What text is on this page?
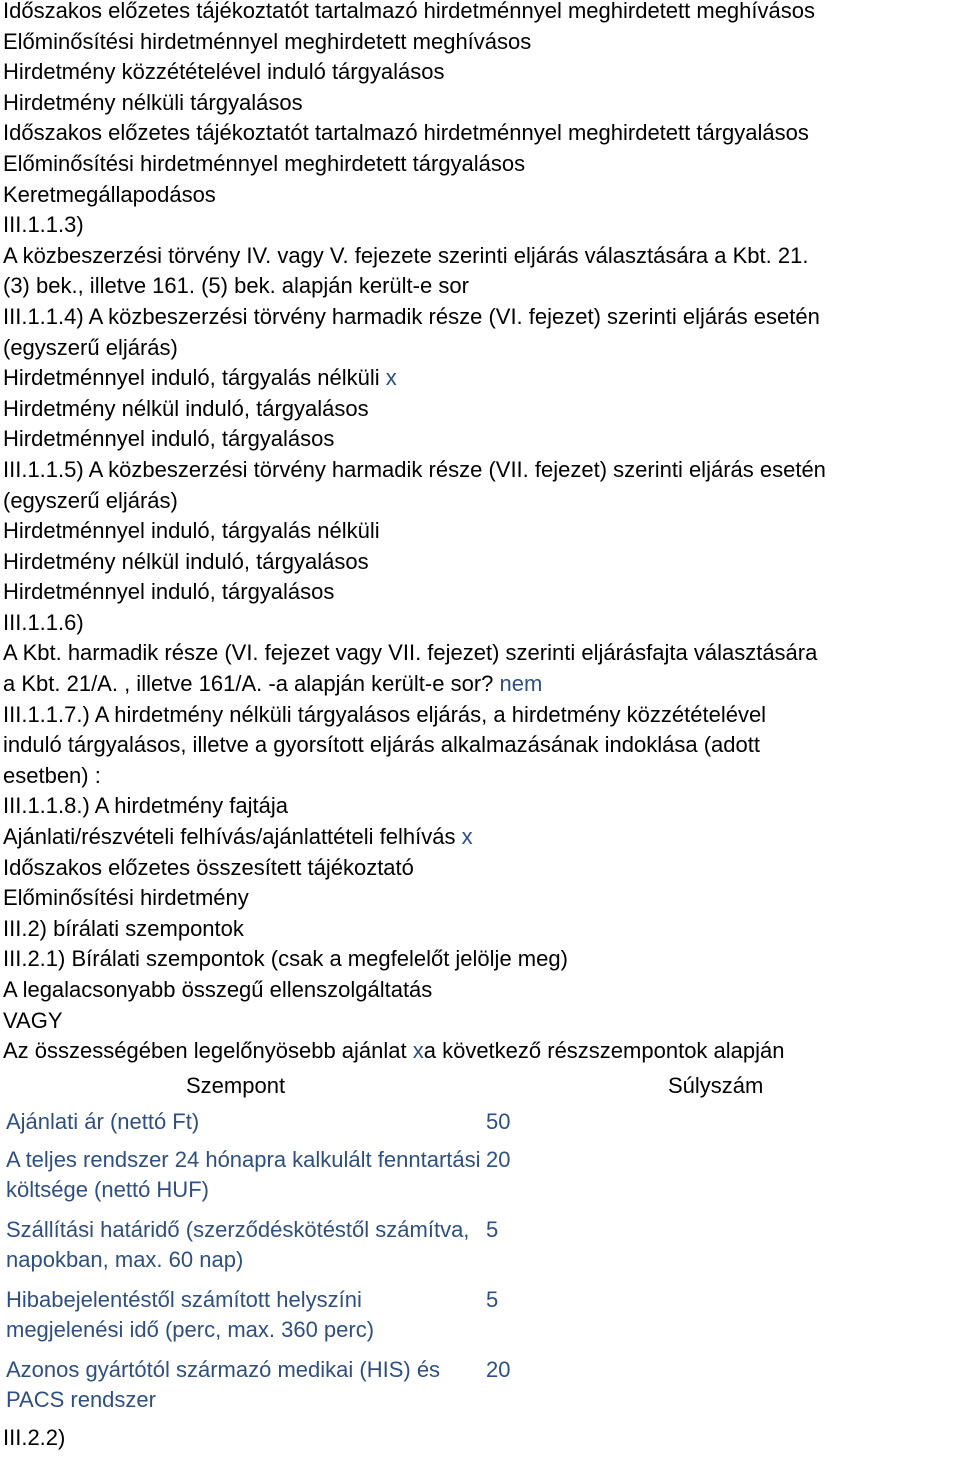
Időszakos előzetes tájékoztatót tartalmazó hirdetménnyel meghirdetett meghívásos
Előminősítési hirdetménnyel meghirdetett meghívásos
Hirdetmény közzétételével induló tárgyalásos
Hirdetmény nélküli tárgyalásos
Időszakos előzetes tájékoztatót tartalmazó hirdetménnyel meghirdetett tárgyalásos
Előminősítési hirdetménnyel meghirdetett tárgyalásos
Keretmegállapodásos
III.1.1.3)
A közbeszerzési törvény IV. vagy V. fejezete szerinti eljárás választására a Kbt. 21.
(3) bek., illetve 161. (5) bek. alapján került-e sor
III.1.1.4) A közbeszerzési törvény harmadik része (VI. fejezet) szerinti eljárás esetén
(egyszerű eljárás)
Hirdetménnyel induló, tárgyalás nélküli x
Hirdetmény nélkül induló, tárgyalásos
Hirdetménnyel induló, tárgyalásos
III.1.1.5) A közbeszerzési törvény harmadik része (VII. fejezet) szerinti eljárás esetén
(egyszerű eljárás)
Hirdetménnyel induló, tárgyalás nélküli
Hirdetmény nélkül induló, tárgyalásos
Hirdetménnyel induló, tárgyalásos
III.1.1.6)
A Kbt. harmadik része (VI. fejezet vagy VII. fejezet) szerinti eljárásfajta választására
a Kbt. 21/A. , illetve 161/A. -a alapján került-e sor? nem
III.1.1.7.) A hirdetmény nélküli tárgyalásos eljárás, a hirdetmény közzétételével
induló tárgyalásos, illetve a gyorsított eljárás alkalmazásának indoklása (adott
esetben) :
III.1.1.8.) A hirdetmény fajtája
Ajánlati/részvételi felhívás/ajánlattételi felhívás x
Időszakos előzetes összesített tájékoztató
Előminősítési hirdetmény
III.2) bírálati szempontok
III.2.1) Bírálati szempontok (csak a megfelelőt jelölje meg)
A legalacsonyabb összegű ellenszolgáltatás
VAGY
Az összességében legelőnyösebb ajánlat xa következő részszempontok alapján
Szempont	Súlyszám
Ajánlati ár (nettó Ft)	50
A teljes rendszer 24 hónapra kalkulált fenntartási költsége (nettó HUF)
20
Szállítási határidő (szerződéskötéstől számítva, napokban, max. 60 nap)
5
Hibabejelentéstől számított helyszíni megjelenési idő (perc, max. 360 perc)
5
Azonos gyártótól származó medikai (HIS) és PACS rendszer
20
III.2.2)
